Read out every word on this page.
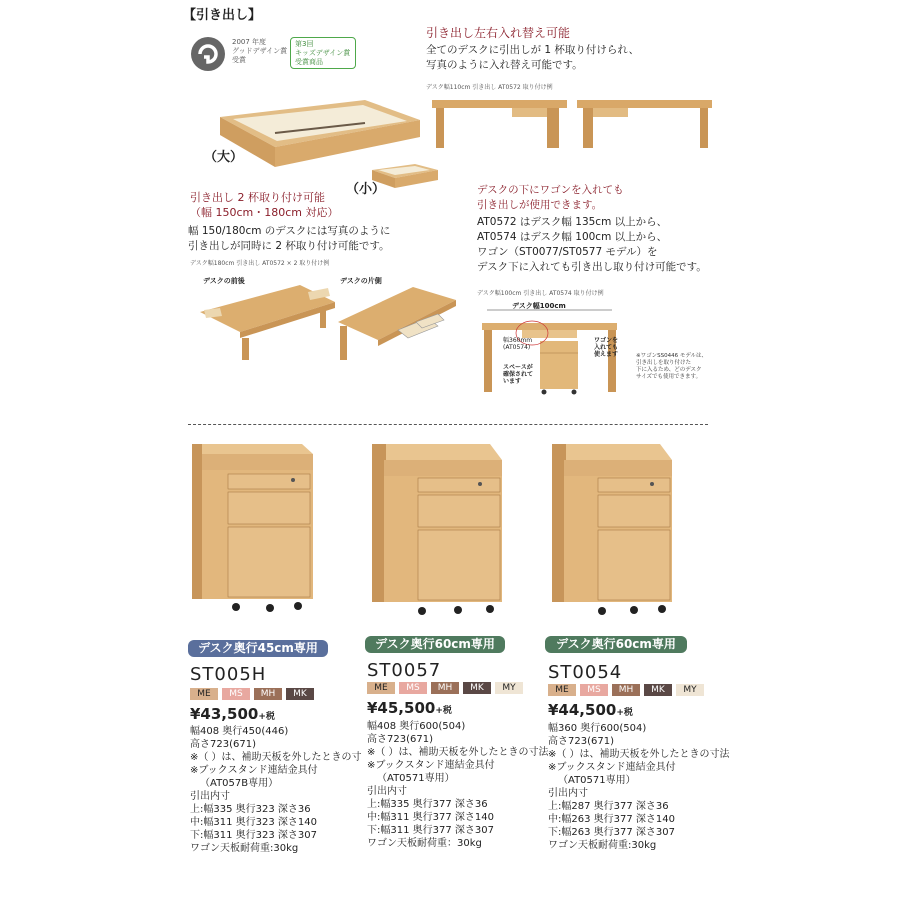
【引き出し】
2007 年度
グッドデザイン賞
受賞
第3回
キッズデザイン賞
受賞商品
（大）
（小）
引き出し左右入れ替え可能
全てのデスクに引出しが 1 杯取り付けられ、
写真のように入れ替え可能です。
デスク幅110cm 引き出し AT0572 取り付け例
引き出し 2 杯取り付け可能
（幅 150cm・180cm 対応）
幅 150/180cm のデスクには写真のように
引き出しが同時に 2 杯取り付け可能です。
デスク幅180cm 引き出し AT0572 × 2 取り付け例
デスクの前後	デスクの片側
デスクの下にワゴンを入れても
引き出しが使用できます。
AT0572 はデスク幅 135cm 以上から、
AT0574 はデスク幅 100cm 以上から、
ワゴン（ST0077/ST0577 モデル）を
デスク下に入れても引き出し取り付け可能です。
デスク幅100cm 引き出し AT0574 取り付け例
デスク幅100cm
幅360mm
(AT0574)
ワゴンを
入れても
使えます
スペースが
確保されて
います
※ワゴンSS0446 モデルは、
引き出しを取り付けた
下に入るため、どのデスク
サイズでも使用できます。
デスク奥行45cm専用
ST005H
ME	MS	MH	MK
¥43,500+税
幅408 奥行450(446)
高さ723(671)
※（ ）は、補助天板を外したときの寸
※ブックスタンド連結金具付
（AT057B専用）
引出内寸
上:幅335 奥行323 深さ36
中:幅311 奥行323 深さ140
下:幅311 奥行323 深さ307
ワゴン天板耐荷重:30kg
デスク奥行60cm専用
ST0057
ME	MS	MH	MK	MY
¥45,500+税
幅408 奥行600(504)
高さ723(671)
※（ ）は、補助天板を外したときの寸法
※ブックスタンド連結金具付
（AT0571専用）
引出内寸
上:幅335 奥行377 深さ36
中:幅311 奥行377 深さ140
下:幅311 奥行377 深さ307
ワゴン天板耐荷重：30kg
デスク奥行60cm専用
ST0054
ME	MS	MH	MK	MY
¥44,500+税
幅360 奥行600(504)
高さ723(671)
※（ ）は、補助天板を外したときの寸法
※ブックスタンド連結金具付
（AT0571専用）
引出内寸
上:幅287 奥行377 深さ36
中:幅263 奥行377 深さ140
下:幅263 奥行377 深さ307
ワゴン天板耐荷重:30kg
